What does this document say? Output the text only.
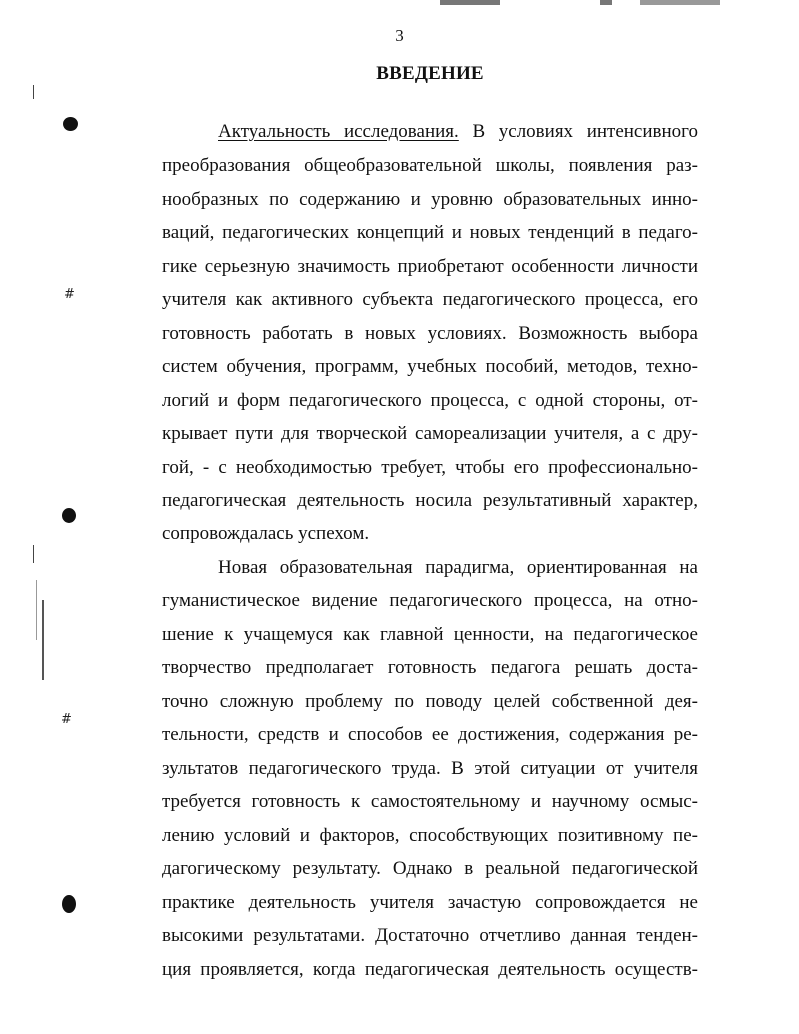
#
#
3
ВВЕДЕНИЕ
Актуальность исследования. В условиях интенсивного
преобразования общеобразовательной школы, появления раз-
нообразных по содержанию и уровню образовательных инно-
ваций, педагогических концепций и новых тенденций в педаго-
гике серьезную значимость приобретают особенности личности
учителя как активного субъекта педагогического процесса, его
готовность работать в новых условиях. Возможность выбора
систем обучения, программ, учебных пособий, методов, техно-
логий и форм педагогического процесса, с одной стороны, от-
крывает пути для творческой самореализации учителя, а с дру-
гой, - с необходимостью требует, чтобы его профессионально-
педагогическая деятельность носила результативный характер,
сопровождалась успехом.
Новая образовательная парадигма, ориентированная на
гуманистическое видение педагогического процесса, на отно-
шение к учащемуся как главной ценности, на педагогическое
творчество предполагает готовность педагога решать доста-
точно сложную проблему по поводу целей собственной дея-
тельности, средств и способов ее достижения, содержания ре-
зультатов педагогического труда. В этой ситуации от учителя
требуется готовность к самостоятельному и научному осмыс-
лению условий и факторов, способствующих позитивному пе-
дагогическому результату. Однако в реальной педагогической
практике деятельность учителя зачастую сопровождается не
высокими результатами. Достаточно отчетливо данная тенден-
ция проявляется, когда педагогическая деятельность осуществ-
